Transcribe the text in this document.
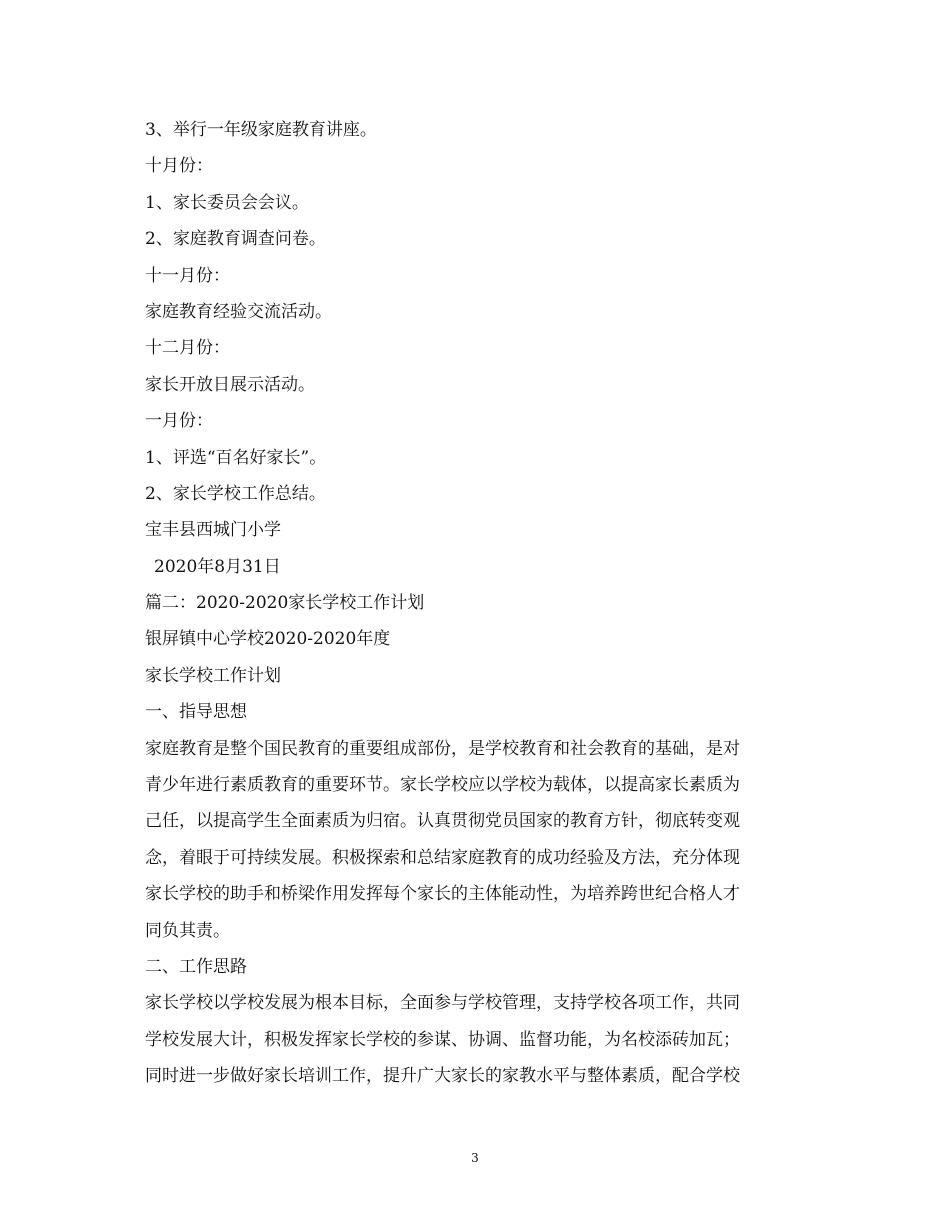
3、举行一年级家庭教育讲座。
十月份：
1、家长委员会会议。
2、家庭教育调查问卷。
十一月份：
家庭教育经验交流活动。
十二月份：
家长开放日展示活动。
一月份：
1、评选“百名好家长”。
2、家长学校工作总结。
宝丰县西城门小学
2020年8月31日
篇二：2020-2020家长学校工作计划
银屏镇中心学校2020-2020年度
家长学校工作计划
一、指导思想
家庭教育是整个国民教育的重要组成部份，是学校教育和社会教育的基础，是对
青少年进行素质教育的重要环节。家长学校应以学校为载体，以提高家长素质为
己任，以提高学生全面素质为归宿。认真贯彻党员国家的教育方针，彻底转变观
念，着眼于可持续发展。积极探索和总结家庭教育的成功经验及方法，充分体现
家长学校的助手和桥梁作用发挥每个家长的主体能动性，为培养跨世纪合格人才
同负其责。
二、工作思路
家长学校以学校发展为根本目标，全面参与学校管理，支持学校各项工作，共同
学校发展大计，积极发挥家长学校的参谋、协调、监督功能，为名校添砖加瓦；
同时进一步做好家长培训工作，提升广大家长的家教水平与整体素质，配合学校
3
